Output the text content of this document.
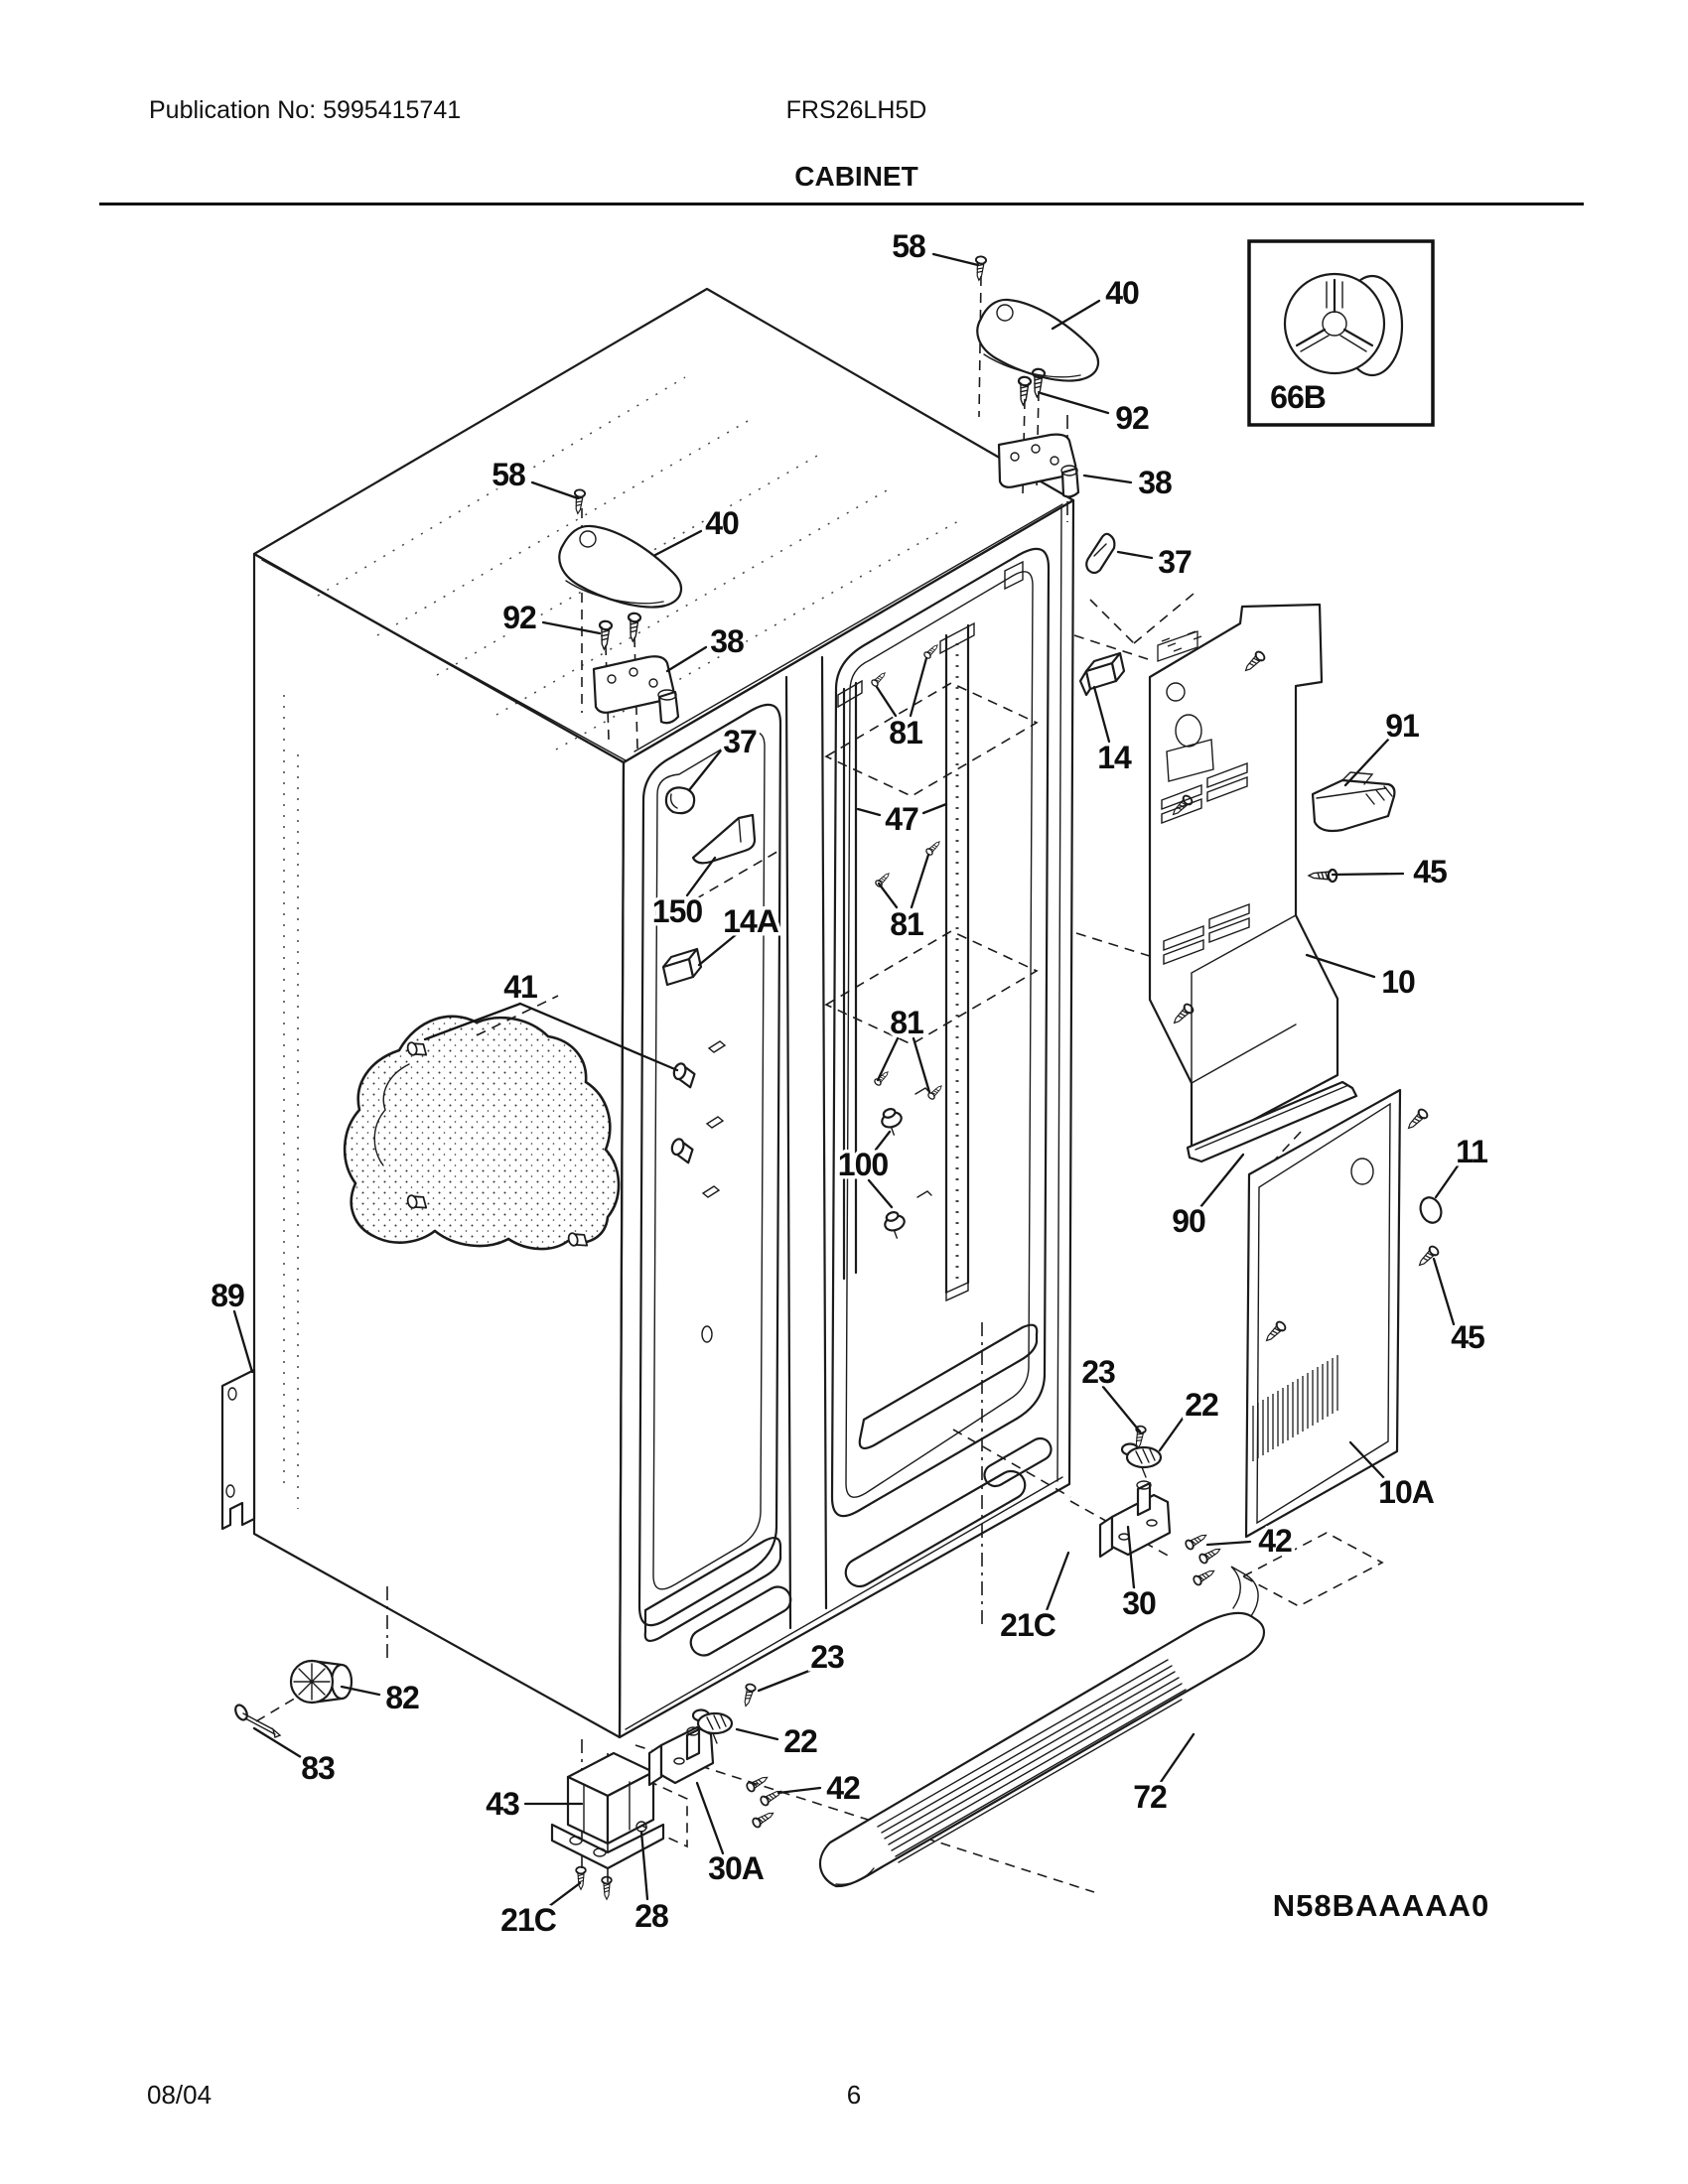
Publication No: 5995415741	FRS26LH5D
CABINET
N58BAAAAA0
58
40
92
38
37
66B
58
40
92
38
37	81
14
47
81
81
150 14A
41
91
45
10
100
90
11
45
23
22
42
30
21C
10A
82
83
23
22
42
30A
43
21C 28
72
89
08/04	6
